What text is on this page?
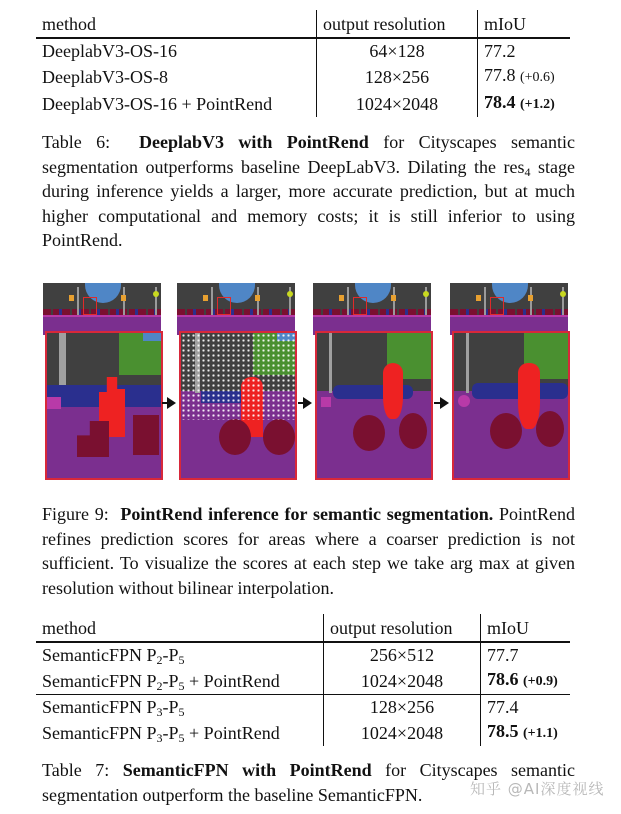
method	output resolution	mIoU
DeeplabV3-OS-16	64×128	77.2
DeeplabV3-OS-8	128×256	77.8 (+0.6)
DeeplabV3-OS-16 + PointRend	1024×2048	78.4 (+1.2)
Table 6: DeeplabV3 with PointRend for Cityscapes semantic segmentation outperforms baseline DeepLabV3. Dilating the res$_4$ stage during inference yields a larger, more accurate prediction, but at much higher computational and memory costs; it is still inferior to using PointRend.
Figure 9: PointRend inference for semantic segmentation. PointRend refines prediction scores for areas where a coarser prediction is not sufficient. To visualize the scores at each step we take arg max at given resolution without bilinear interpolation.
method	output resolution	mIoU
SemanticFPN $P_2-P_5$	256×512	77.7
SemanticFPN $P_2-P_5$ + PointRend	1024×2048	78.6 (+0.9)
SemanticFPN $P_3-P_5$	128×256	77.4
SemanticFPN $P_3-P_5$ + PointRend	1024×2048	78.5 (+1.1)
Table 7: SemanticFPN with PointRend for Cityscapes semantic segmentation outperform the baseline SemanticFPN.	知乎 @AI深度视线
